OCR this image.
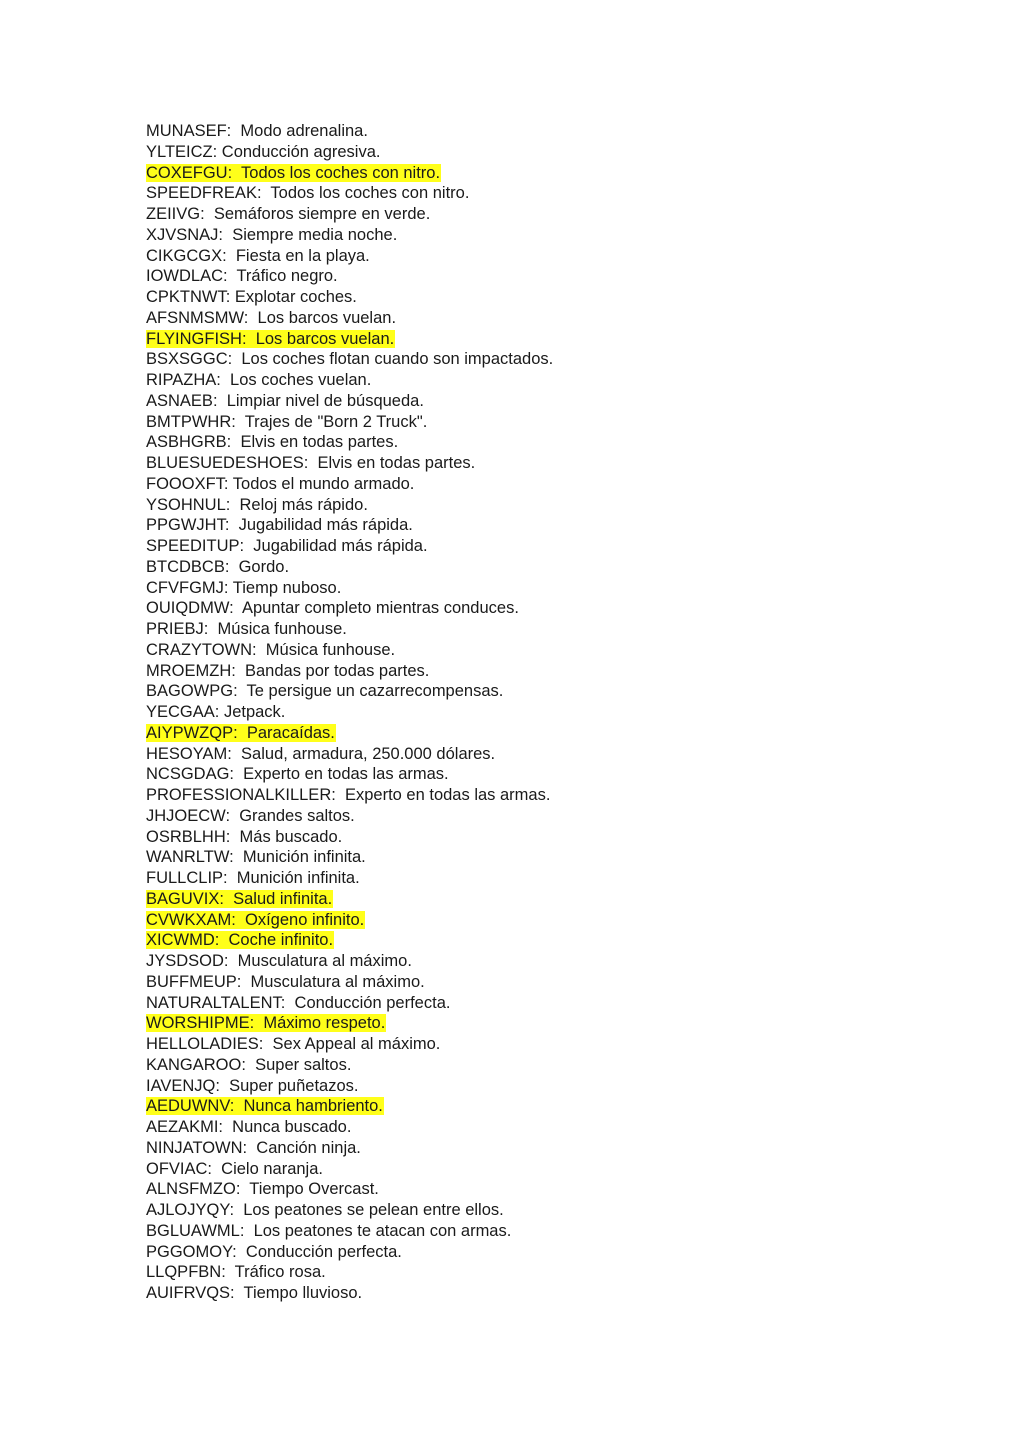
MUNASEF:  Modo adrenalina.
YLTEICZ: Conducción agresiva.
COXEFGU:  Todos los coches con nitro.
SPEEDFREAK:  Todos los coches con nitro.
ZEIIVG:  Semáforos siempre en verde.
XJVSNAJ:  Siempre media noche.
CIKGCGX:  Fiesta en la playa.
IOWDLAC:  Tráfico negro.
CPKTNWT: Explotar coches.
AFSNMSMW:  Los barcos vuelan.
FLYINGFISH:  Los barcos vuelan.
BSXSGGC:  Los coches flotan cuando son impactados.
RIPAZHA:  Los coches vuelan.
ASNAEB:  Limpiar nivel de búsqueda.
BMTPWHR:  Trajes de "Born 2 Truck".
ASBHGRB:  Elvis en todas partes.
BLUESUEDESHOES:  Elvis en todas partes.
FOOOXFT: Todos el mundo armado.
YSOHNUL:  Reloj más rápido.
PPGWJHT:  Jugabilidad más rápida.
SPEEDITUP:  Jugabilidad más rápida.
BTCDBCB:  Gordo.
CFVFGMJ: Tiemp nuboso.
OUIQDMW:  Apuntar completo mientras conduces.
PRIEBJ:  Música funhouse.
CRAZYTOWN:  Música funhouse.
MROEMZH:  Bandas por todas partes.
BAGOWPG:  Te persigue un cazarrecompensas.
YECGAA: Jetpack.
AIYPWZQP:  Paracaídas.
HESOYAM:  Salud, armadura, 250.000 dólares.
NCSGDAG:  Experto en todas las armas.
PROFESSIONALKILLER:  Experto en todas las armas.
JHJOECW:  Grandes saltos.
OSRBLHH:  Más buscado.
WANRLTW:  Munición infinita.
FULLCLIP:  Munición infinita.
BAGUVIX:  Salud infinita.
CVWKXAM:  Oxígeno infinito.
XICWMD:  Coche infinito.
JYSDSOD:  Musculatura al máximo.
BUFFMEUP:  Musculatura al máximo.
NATURALTALENT:  Conducción perfecta.
WORSHIPME:  Máximo respeto.
HELLOLADIES:  Sex Appeal al máximo.
KANGAROO:  Super saltos.
IAVENJQ:  Super puñetazos.
AEDUWNV:  Nunca hambriento.
AEZAKMI:  Nunca buscado.
NINJATOWN:  Canción ninja.
OFVIAC:  Cielo naranja.
ALNSFMZO:  Tiempo Overcast.
AJLOJYQY:  Los peatones se pelean entre ellos.
BGLUAWML:  Los peatones te atacan con armas.
PGGOMOY:  Conducción perfecta.
LLQPFBN:  Tráfico rosa.
AUIFRVQS:  Tiempo lluvioso.
